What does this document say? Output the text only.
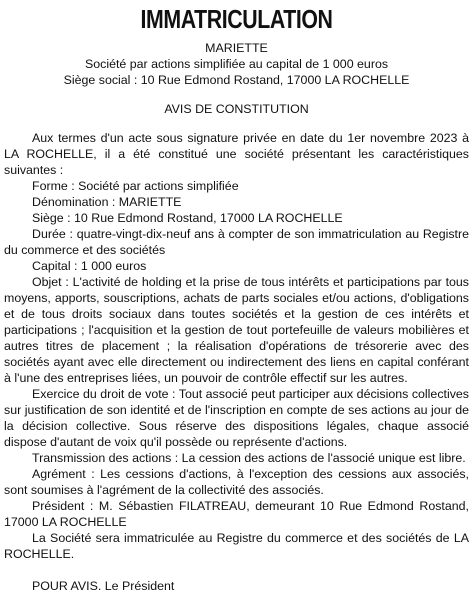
IMMATRICULATION
MARIETTE
Société par actions simplifiée au capital de 1 000 euros
Siège social : 10 Rue Edmond Rostand, 17000 LA ROCHELLE
AVIS DE CONSTITUTION

Aux termes d'un acte sous signature privée en date du 1er novembre 2023 à LA ROCHELLE, il a été constitué une société présentant les caractéristiques suivantes :

Forme : Société par actions simplifiée

Dénomination : MARIETTE

Siège : 10 Rue Edmond Rostand, 17000 LA ROCHELLE

Durée : quatre-vingt-dix-neuf ans à compter de son immatriculation au Registre du commerce et des sociétés

Capital : 1 000 euros

Objet : L'activité de holding et la prise de tous intérêts et participations par tous moyens, apports, souscriptions, achats de parts sociales et/ou actions, d'obligations et de tous droits sociaux dans toutes sociétés et la gestion de ces intérêts et participations ; l'acquisition et la gestion de tout portefeuille de valeurs mobilières et autres titres de placement ; la réalisation d'opérations de trésorerie avec des sociétés ayant avec elle directement ou indirectement des liens en capital conférant à l'une des entreprises liées, un pouvoir de contrôle effectif sur les autres.

Exercice du droit de vote : Tout associé peut participer aux décisions collectives sur justification de son identité et de l'inscription en compte de ses actions au jour de la décision collective. Sous réserve des dispositions légales, chaque associé dispose d'autant de voix qu'il possède ou représente d'actions.

Transmission des actions : La cession des actions de l'associé unique est libre.

Agrément : Les cessions d'actions, à l'exception des cessions aux associés, sont soumises à l'agrément de la collectivité des associés.

Président : M. Sébastien FILATREAU, demeurant 10 Rue Edmond Rostand, 17000 LA ROCHELLE

La Société sera immatriculée au Registre du commerce et des sociétés de LA ROCHELLE.

POUR AVIS. Le Président
